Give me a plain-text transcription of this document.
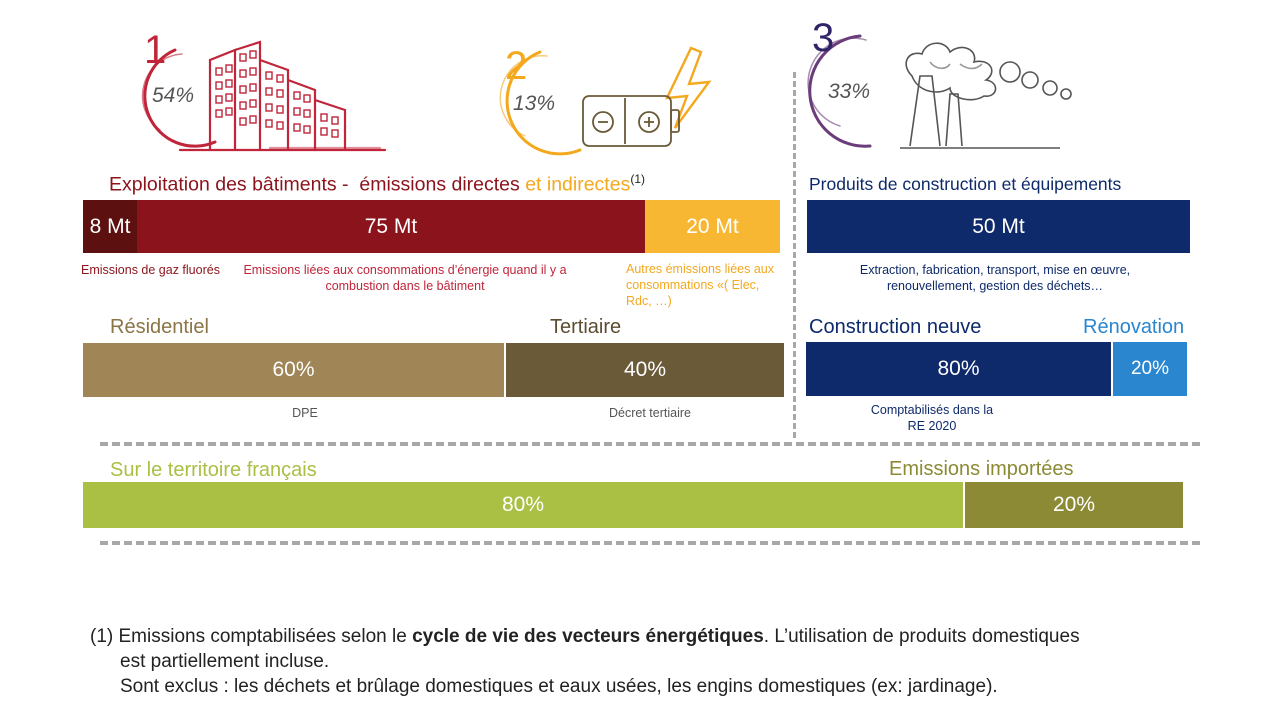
1
54%
2
13%
3
33%
Exploitation des bâtiments -  émissions directes et indirectes$^{(1)}$
8 Mt	75 Mt	20 Mt
Emissions de gaz fluorés	Emissions liées aux consommations d’énergie quand il y a combustion dans le bâtiment
Autres émissions liées aux consommations «( Elec, Rdc, …)
Produits de construction et équipements
50 Mt
Extraction, fabrication, transport, mise en œuvre, renouvellement, gestion des déchets…
Résidentiel	Tertiaire
60%	40%
DPE	Décret tertiaire
Construction neuve	Rénovation
80%	20%
Comptabilisés dans la RE 2020
Sur le territoire français	Emissions importées
80%	20%
(1) Emissions comptabilisées selon le cycle de vie des vecteurs énergétiques. L’utilisation de produits domestiques
est partiellement incluse.
Sont exclus : les déchets et brûlage domestiques et eaux usées, les engins domestiques (ex: jardinage).
